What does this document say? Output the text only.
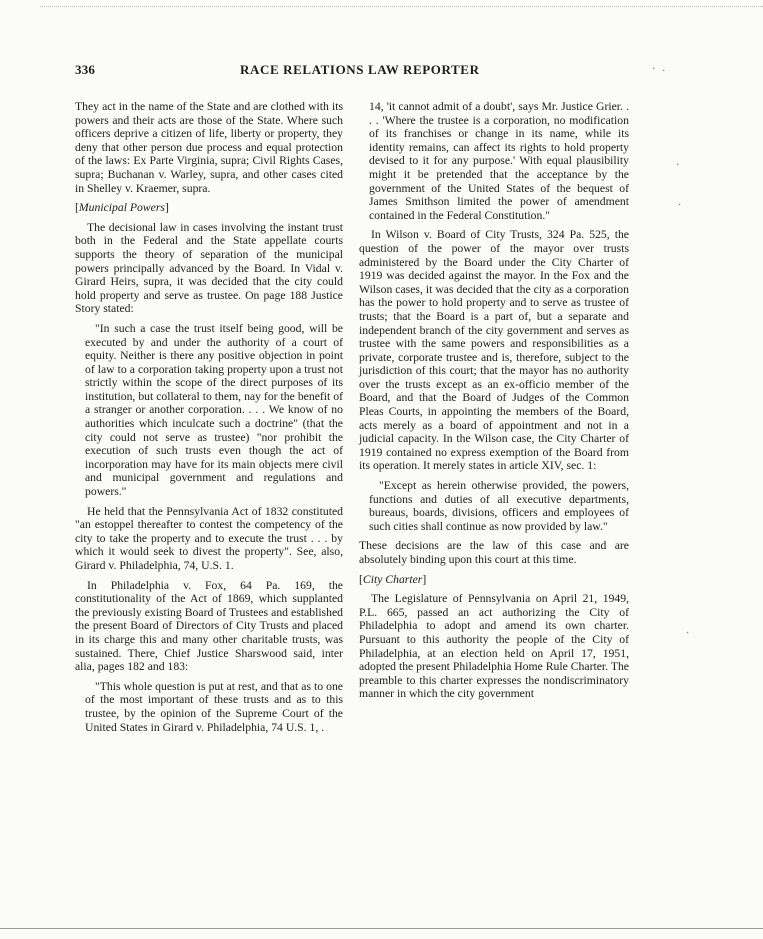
336	RACE RELATIONS LAW REPORTER

They act in the name of the State and are clothed with its powers and their acts are those of the State. Where such officers deprive a citizen of life, liberty or property, they deny that other person due process and equal protection of the laws: Ex Parte Virginia, supra; Civil Rights Cases, supra; Buchanan v. Warley, supra, and other cases cited in Shelley v. Kraemer, supra.

[Municipal Powers]

The decisional law in cases involving the instant trust both in the Federal and the State appellate courts supports the theory of separation of the municipal powers principally advanced by the Board. In Vidal v. Girard Heirs, supra, it was decided that the city could hold property and serve as trustee. On page 188 Justice Story stated:

"In such a case the trust itself being good, will be executed by and under the authority of a court of equity. Neither is there any positive objection in point of law to a corporation taking property upon a trust not strictly within the scope of the direct purposes of its institution, but collateral to them, nay for the benefit of a stranger or another corporation. . . . We know of no authorities which inculcate such a doctrine" (that the city could not serve as trustee) "nor prohibit the execution of such trusts even though the act of incorporation may have for its main objects mere civil and municipal government and regulations and powers."

He held that the Pennsylvania Act of 1832 constituted "an estoppel thereafter to contest the competency of the city to take the property and to execute the trust . . . by which it would seek to divest the property". See, also, Girard v. Philadelphia, 74, U.S. 1.

In Philadelphia v. Fox, 64 Pa. 169, the constitutionality of the Act of 1869, which supplanted the previously existing Board of Trustees and established the present Board of Directors of City Trusts and placed in its charge this and many other charitable trusts, was sustained. There, Chief Justice Sharswood said, inter alia, pages 182 and 183:

"This whole question is put at rest, and that as to one of the most important of these trusts and as to this trustee, by the opinion of the Supreme Court of the United States in Girard v. Philadelphia, 74 U.S. 1, .
14, 'it cannot admit of a doubt', says Mr. Justice Grier. . . . 'Where the trustee is a corporation, no modification of its franchises or change in its name, while its identity remains, can affect its rights to hold property devised to it for any purpose.' With equal plausibility might it be pretended that the acceptance by the government of the United States of the bequest of James Smithson limited the power of amendment contained in the Federal Constitution."

In Wilson v. Board of City Trusts, 324 Pa. 525, the question of the power of the mayor over trusts administered by the Board under the City Charter of 1919 was decided against the mayor. In the Fox and the Wilson cases, it was decided that the city as a corporation has the power to hold property and to serve as trustee of trusts; that the Board is a part of, but a separate and independent branch of the city government and serves as trustee with the same powers and responsibilities as a private, corporate trustee and is, therefore, subject to the jurisdiction of this court; that the mayor has no authority over the trusts except as an ex-officio member of the Board, and that the Board of Judges of the Common Pleas Courts, in appointing the members of the Board, acts merely as a board of appointment and not in a judicial capacity. In the Wilson case, the City Charter of 1919 contained no express exemption of the Board from its operation. It merely states in article XIV, sec. 1:

"Except as herein otherwise provided, the powers, functions and duties of all executive departments, bureaus, boards, divisions, officers and employees of such cities shall continue as now provided by law."

These decisions are the law of this case and are absolutely binding upon this court at this time.

[City Charter]

The Legislature of Pennsylvania on April 21, 1949, P.L. 665, passed an act authorizing the City of Philadelphia to adopt and amend its own charter. Pursuant to this authority the people of the City of Philadelphia, at an election held on April 17, 1951, adopted the present Philadelphia Home Rule Charter. The preamble to this charter expresses the nondiscriminatory manner in which the city government

· ·
·
·
·
